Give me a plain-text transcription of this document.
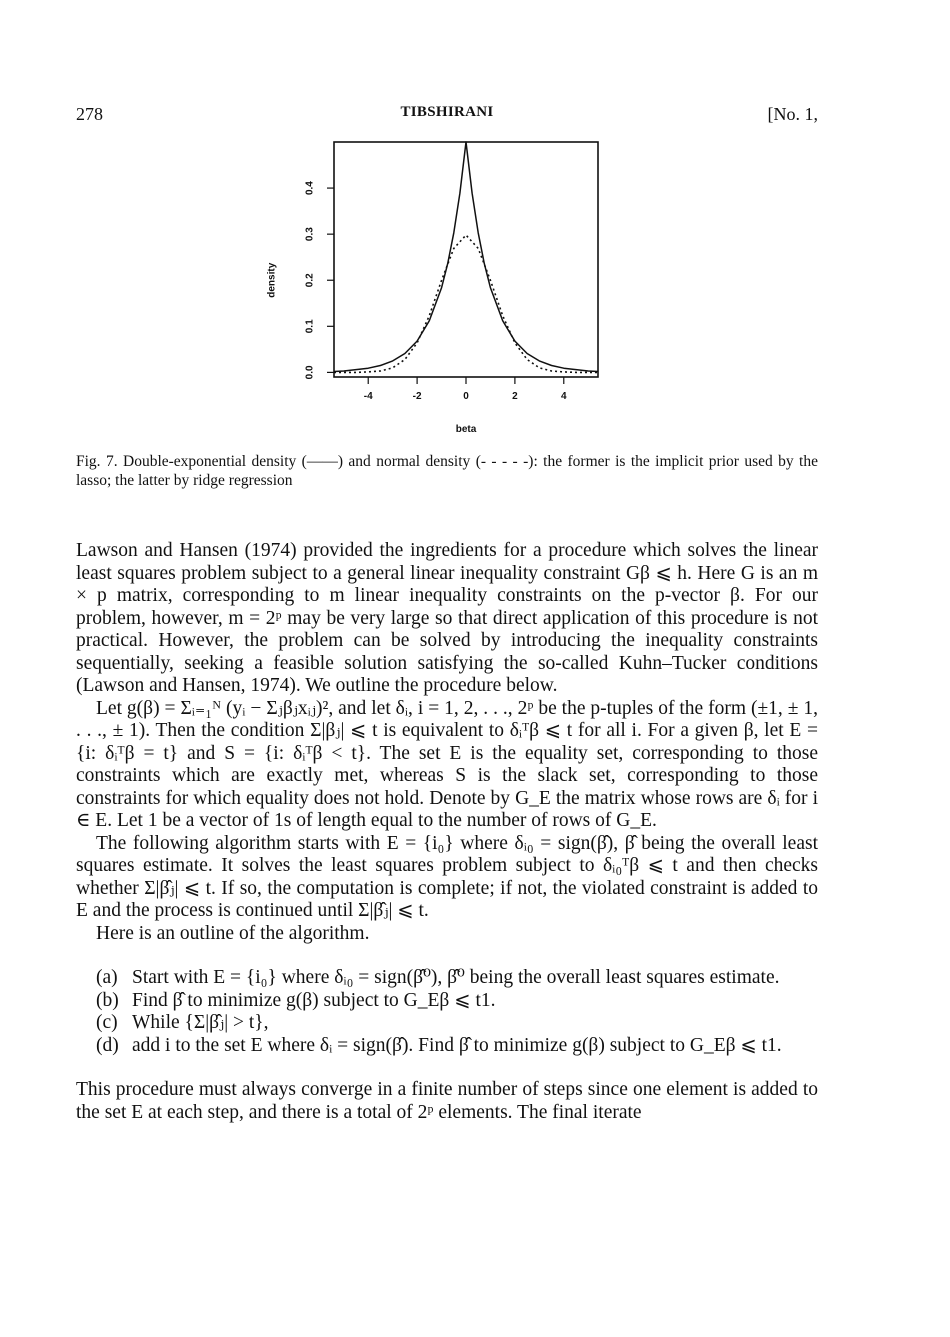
278	TIBSHIRANI	[No. 1,
-4	-2	0	2	4
0.0
0.1
0.2
0.3
0.4
beta
density
Fig. 7. Double-exponential density (——) and normal density (- - - - -): the former is the implicit prior used by the lasso; the latter by ridge regression

Lawson and Hansen (1974) provided the ingredients for a procedure which solves the linear least squares problem subject to a general linear inequality constraint Gβ ⩽ h. Here G is an m × p matrix, corresponding to m linear inequality constraints on the p-vector β. For our problem, however, m = 2ᵖ may be very large so that direct application of this procedure is not practical. However, the problem can be solved by introducing the inequality constraints sequentially, seeking a feasible solution satisfying the so-called Kuhn–Tucker conditions (Lawson and Hansen, 1974). We outline the procedure below.

Let g(β) = Σᵢ₌₁ᴺ (yᵢ − Σⱼβⱼxᵢⱼ)², and let δᵢ, i = 1, 2, . . ., 2ᵖ be the p-tuples of the form (±1, ± 1, . . ., ± 1). Then the condition Σ|βⱼ| ⩽ t is equivalent to δᵢᵀβ ⩽ t for all i. For a given β, let E = {i: δᵢᵀβ = t} and S = {i: δᵢᵀβ < t}. The set E is the equality set, corresponding to those constraints which are exactly met, whereas S is the slack set, corresponding to those constraints for which equality does not hold. Denote by G_E the matrix whose rows are δᵢ for i ∈ E. Let 1 be a vector of 1s of length equal to the number of rows of G_E.

The following algorithm starts with E = {i₀} where δᵢ₀ = sign(β̂), β̂ being the overall least squares estimate. It solves the least squares problem subject to δᵢ₀ᵀβ ⩽ t and then checks whether Σ|β̂ⱼ| ⩽ t. If so, the computation is complete; if not, the violated constraint is added to E and the process is continued until Σ|β̂ⱼ| ⩽ t.

Here is an outline of the algorithm.

(a) Start with E = {i₀} where δᵢ₀ = sign(β̂⁰), β̂⁰ being the overall least squares estimate.
(b) Find β̂ to minimize g(β) subject to G_Eβ ⩽ t1.
(c) While {Σ|β̂ⱼ| > t},
(d) add i to the set E where δᵢ = sign(β̂). Find β̂ to minimize g(β) subject to G_Eβ ⩽ t1.

This procedure must always converge in a finite number of steps since one element is added to the set E at each step, and there is a total of 2ᵖ elements. The final iterate
